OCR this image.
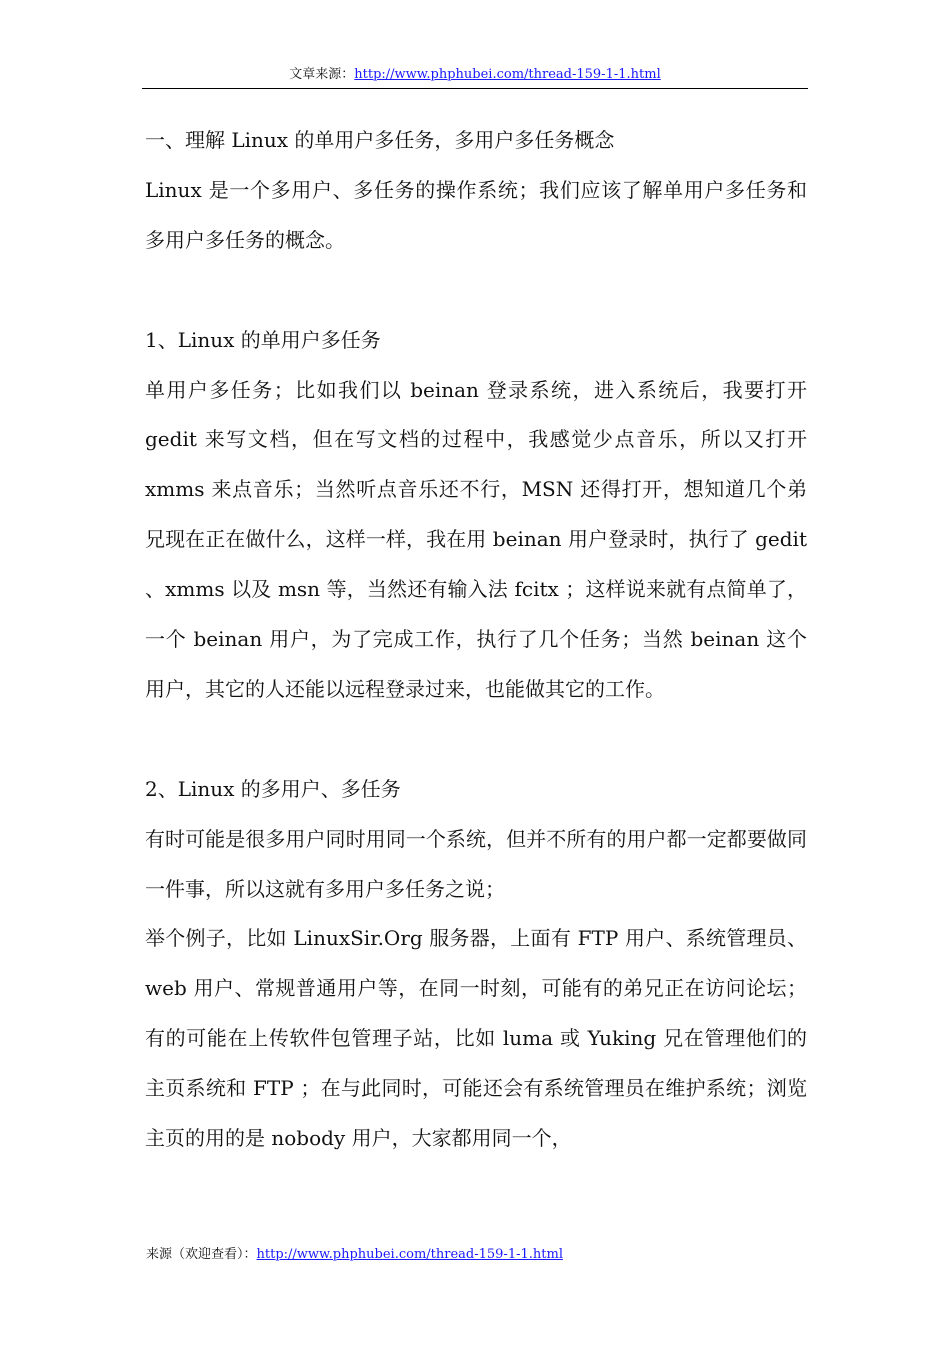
文章来源：http://www.phphubei.com/thread-159-1-1.html

一、理解 Linux 的单用户多任务，多用户多任务概念

Linux 是一个多用户、多任务的操作系统；我们应该了解单用户多任务和多用户多任务的概念。

1、Linux 的单用户多任务

单用户多任务；比如我们以 beinan 登录系统，进入系统后，我要打开 gedit 来写文档，但在写文档的过程中，我感觉少点音乐，所以又打开 xmms 来点音乐；当然听点音乐还不行，MSN 还得打开，想知道几个弟兄现在正在做什么，这样一样，我在用 beinan 用户登录时，执行了 gedit 、xmms 以及 msn 等，当然还有输入法 fcitx ；这样说来就有点简单了，一个 beinan 用户，为了完成工作，执行了几个任务；当然 beinan 这个用户，其它的人还能以远程登录过来，也能做其它的工作。

2、Linux 的多用户、多任务

有时可能是很多用户同时用同一个系统，但并不所有的用户都一定都要做同一件事，所以这就有多用户多任务之说；

举个例子，比如 LinuxSir.Org 服务器，上面有 FTP 用户、系统管理员、web 用户、常规普通用户等，在同一时刻，可能有的弟兄正在访问论坛；有的可能在上传软件包管理子站，比如 luma 或 Yuking 兄在管理他们的主页系统和 FTP ；在与此同时，可能还会有系统管理员在维护系统；浏览主页的用的是 nobody 用户，大家都用同一个，

来源（欢迎查看）：http://www.phphubei.com/thread-159-1-1.html
